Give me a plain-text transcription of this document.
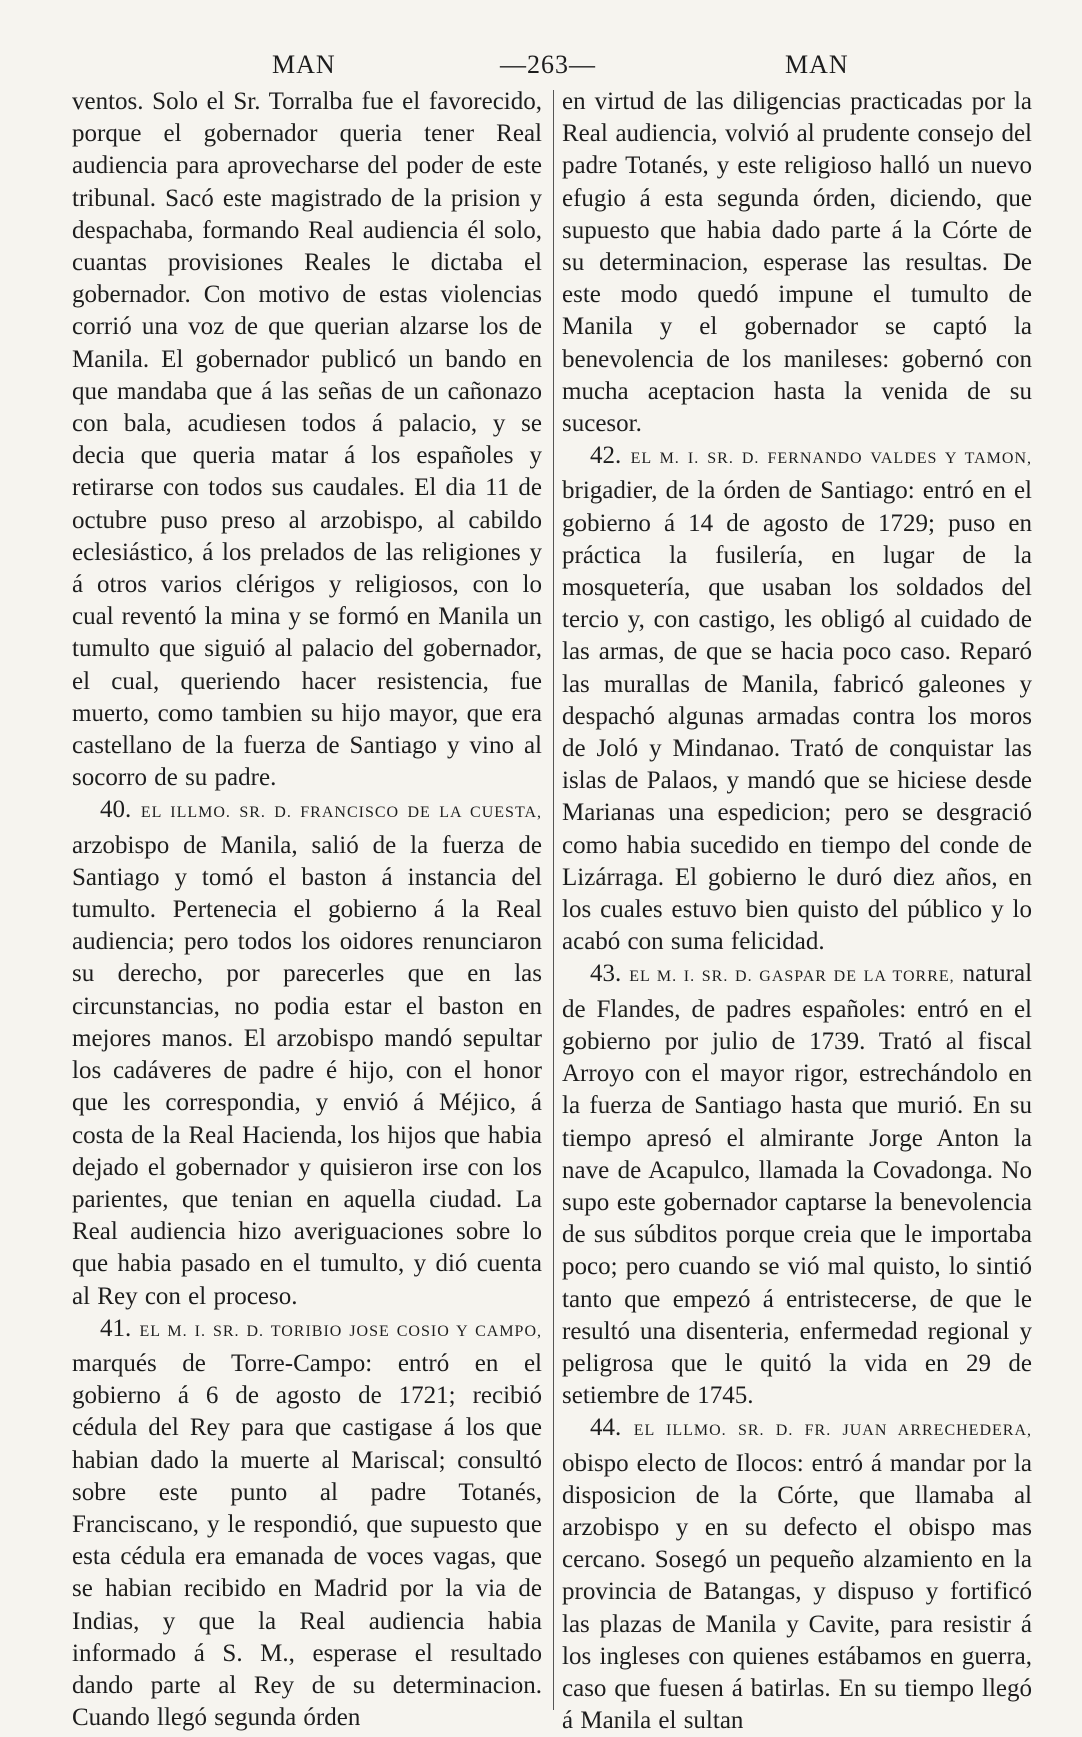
MAN	—263—	MAN

ventos. Solo el Sr. Torralba fue el favorecido, porque el gobernador queria tener Real audiencia para aprovecharse del poder de este tribunal. Sacó este magistrado de la prision y despachaba, formando Real audiencia él solo, cuantas provisiones Reales le dictaba el gobernador. Con motivo de estas violencias corrió una voz de que querian alzarse los de Manila. El gobernador publicó un bando en que mandaba que á las señas de un cañonazo con bala, acudiesen todos á palacio, y se decia que queria matar á los españoles y retirarse con todos sus caudales. El dia 11 de octubre puso preso al arzobispo, al cabildo eclesiástico, á los prelados de las religiones y á otros varios clérigos y religiosos, con lo cual reventó la mina y se formó en Manila un tumulto que siguió al palacio del gobernador, el cual, queriendo hacer resistencia, fue muerto, como tambien su hijo mayor, que era castellano de la fuerza de Santiago y vino al socorro de su padre.

40. EL ILLMO. SR. D. FRANCISCO DE LA CUESTA, arzobispo de Manila, salió de la fuerza de Santiago y tomó el baston á instancia del tumulto. Pertenecia el gobierno á la Real audiencia; pero todos los oidores renunciaron su derecho, por parecerles que en las circunstancias, no podia estar el baston en mejores manos. El arzobispo mandó sepultar los cadáveres de padre é hijo, con el honor que les correspondia, y envió á Méjico, á costa de la Real Hacienda, los hijos que habia dejado el gobernador y quisieron irse con los parientes, que tenian en aquella ciudad. La Real audiencia hizo averiguaciones sobre lo que habia pasado en el tumulto, y dió cuenta al Rey con el proceso.

41. EL M. I. SR. D. TORIBIO JOSE COSIO Y CAMPO, marqués de Torre-Campo: entró en el gobierno á 6 de agosto de 1721; recibió cédula del Rey para que castigase á los que habian dado la muerte al Mariscal; consultó sobre este punto al padre Totanés, Franciscano, y le respondió, que supuesto que esta cédula era emanada de voces vagas, que se habian recibido en Madrid por la via de Indias, y que la Real audiencia habia informado á S. M., esperase el resultado dando parte al Rey de su determinacion. Cuando llegó segunda órden

en virtud de las diligencias practicadas por la Real audiencia, volvió al prudente consejo del padre Totanés, y este religioso halló un nuevo efugio á esta segunda órden, diciendo, que supuesto que habia dado parte á la Córte de su determinacion, esperase las resultas. De este modo quedó impune el tumulto de Manila y el gobernador se captó la benevolencia de los manileses: gobernó con mucha aceptacion hasta la venida de su sucesor.

42. EL M. I. SR. D. FERNANDO VALDES Y TAMON, brigadier, de la órden de Santiago: entró en el gobierno á 14 de agosto de 1729; puso en práctica la fusilería, en lugar de la mosquetería, que usaban los soldados del tercio y, con castigo, les obligó al cuidado de las armas, de que se hacia poco caso. Reparó las murallas de Manila, fabricó galeones y despachó algunas armadas contra los moros de Joló y Mindanao. Trató de conquistar las islas de Palaos, y mandó que se hiciese desde Marianas una espedicion; pero se desgració como habia sucedido en tiempo del conde de Lizárraga. El gobierno le duró diez años, en los cuales estuvo bien quisto del público y lo acabó con suma felicidad.

43. EL M. I. SR. D. GASPAR DE LA TORRE, natural de Flandes, de padres españoles: entró en el gobierno por julio de 1739. Trató al fiscal Arroyo con el mayor rigor, estrechándolo en la fuerza de Santiago hasta que murió. En su tiempo apresó el almirante Jorge Anton la nave de Acapulco, llamada la Covadonga. No supo este gobernador captarse la benevolencia de sus súbditos porque creia que le importaba poco; pero cuando se vió mal quisto, lo sintió tanto que empezó á entristecerse, de que le resultó una disenteria, enfermedad regional y peligrosa que le quitó la vida en 29 de setiembre de 1745.

44. EL ILLMO. SR. D. FR. JUAN ARRECHEDERA, obispo electo de Ilocos: entró á mandar por la disposicion de la Córte, que llamaba al arzobispo y en su defecto el obispo mas cercano. Sosegó un pequeño alzamiento en la provincia de Batangas, y dispuso y fortificó las plazas de Manila y Cavite, para resistir á los ingleses con quienes estábamos en guerra, caso que fuesen á batirlas. En su tiempo llegó á Manila el sultan
